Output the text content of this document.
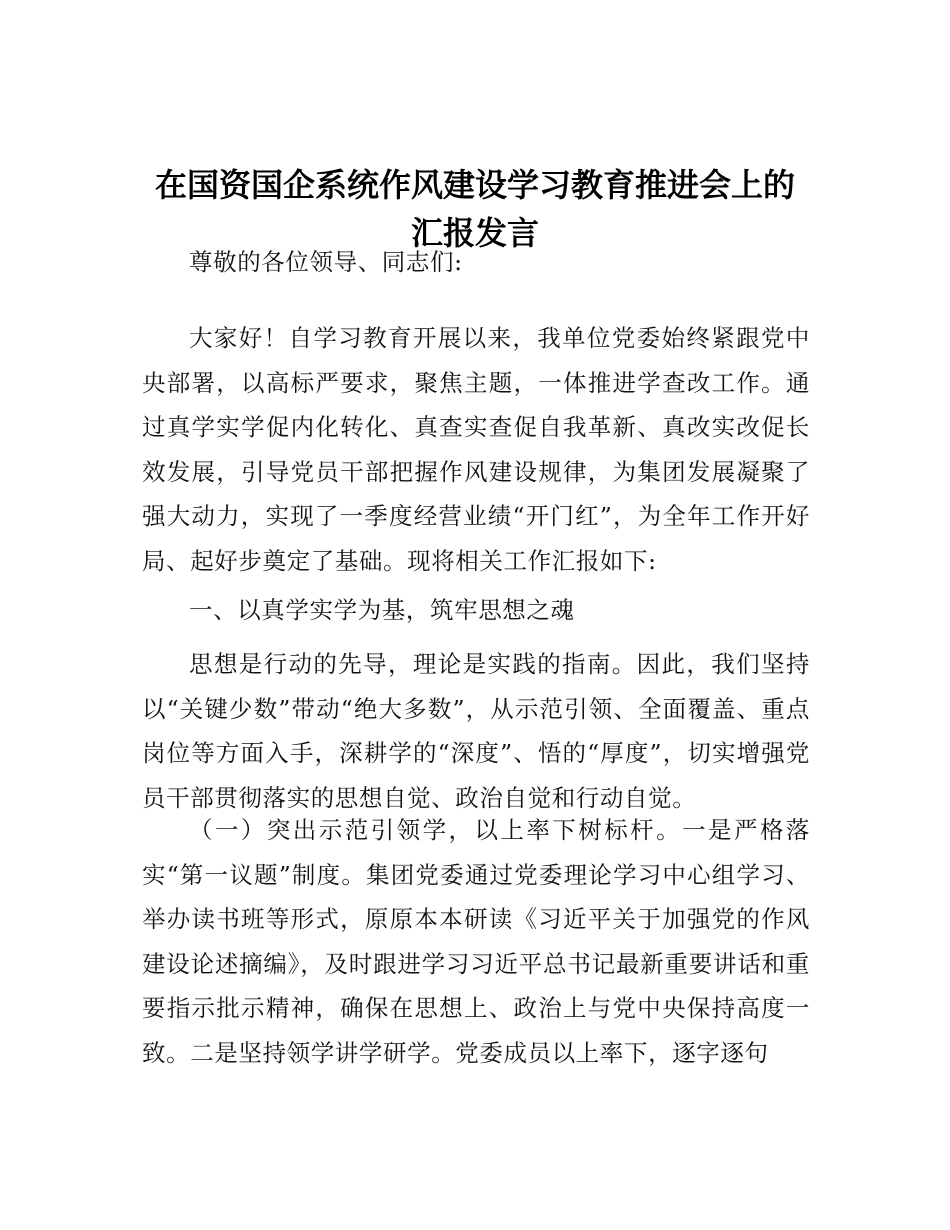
在国资国企系统作风建设学习教育推进会上的
汇报发言

尊敬的各位领导、同志们:

大家好！自学习教育开展以来，我单位党委始终紧跟党中央部署，以高标严要求，聚焦主题，一体推进学查改工作。通过真学实学促内化转化、真查实查促自我革新、真改实改促长效发展，引导党员干部把握作风建设规律，为集团发展凝聚了强大动力，实现了一季度经营业绩“开门红”，为全年工作开好局、起好步奠定了基础。现将相关工作汇报如下:

一、以真学实学为基，筑牢思想之魂

思想是行动的先导，理论是实践的指南。因此，我们坚持以“关键少数”带动“绝大多数”，从示范引领、全面覆盖、重点岗位等方面入手，深耕学的“深度”、悟的“厚度”，切实增强党员干部贯彻落实的思想自觉、政治自觉和行动自觉。

（一）突出示范引领学，以上率下树标杆。一是严格落实“第一议题”制度。集团党委通过党委理论学习中心组学习、举办读书班等形式，原原本本研读《习近平关于加强党的作风建设论述摘编》，及时跟进学习习近平总书记最新重要讲话和重要指示批示精神，确保在思想上、政治上与党中央保持高度一致。二是坚持领学讲学研学。党委成员以上率下，逐字逐句
